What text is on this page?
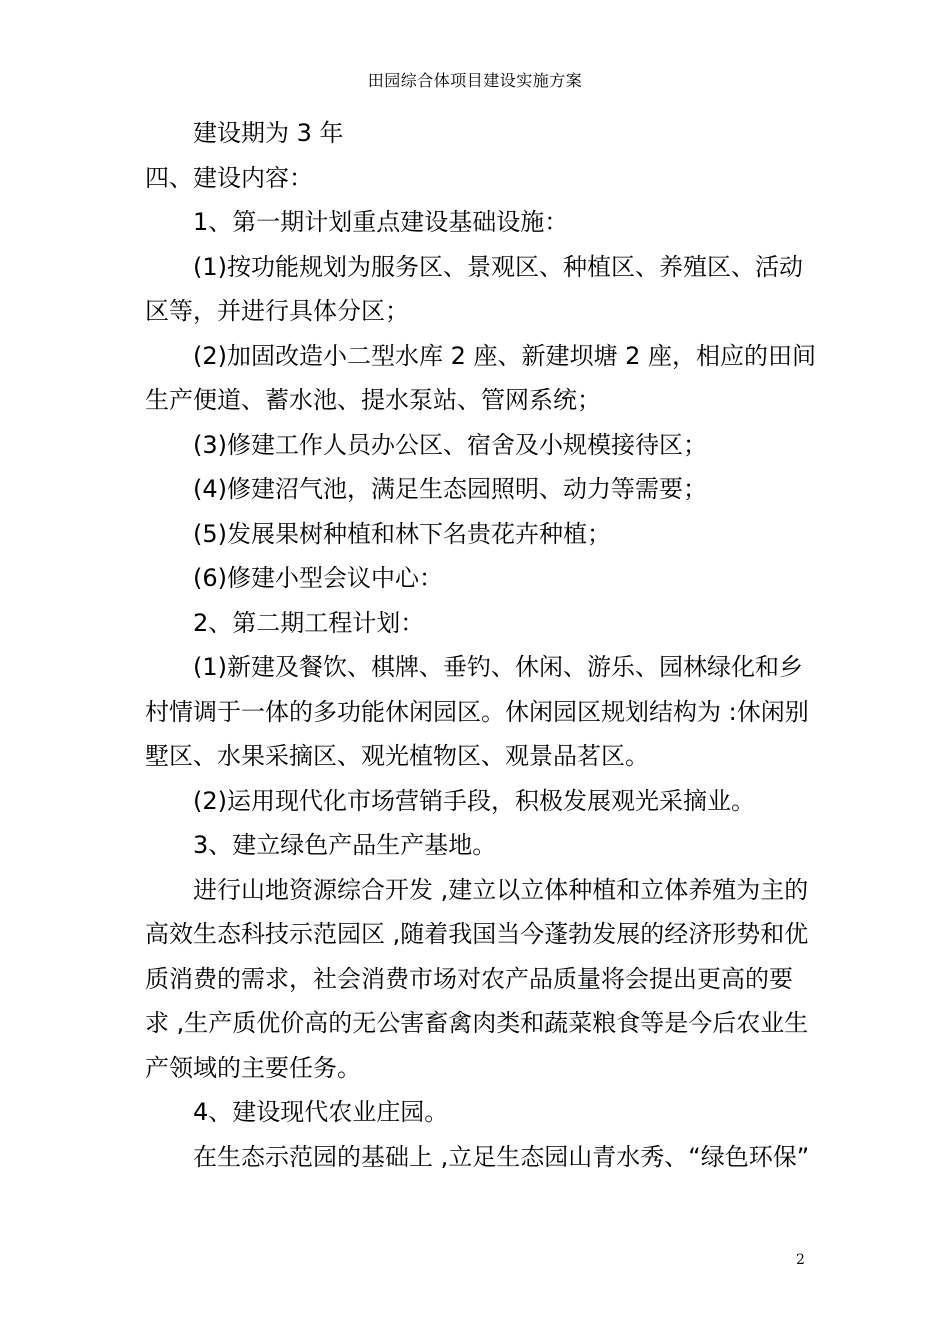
田园综合体项目建设实施方案
建设期为 3 年
四、建设内容：
1、第一期计划重点建设基础设施：
(1)按功能规划为服务区、景观区、种植区、养殖区、活动
区等，并进行具体分区；
(2)加固改造小二型水库 2 座、新建坝塘 2 座，相应的田间
生产便道、蓄水池、提水泵站、管网系统；
(3)修建工作人员办公区、宿舍及小规模接待区；
(4)修建沼气池，满足生态园照明、动力等需要；
(5)发展果树种植和林下名贵花卉种植；
(6)修建小型会议中心：
2、第二期工程计划：
(1)新建及餐饮、棋牌、垂钓、休闲、游乐、园林绿化和乡
村情调于一体的多功能休闲园区。休闲园区规划结构为 :休闲别
墅区、水果采摘区、观光植物区、观景品茗区。
(2)运用现代化市场营销手段，积极发展观光采摘业。
3、建立绿色产品生产基地。
进行山地资源综合开发 ,建立以立体种植和立体养殖为主的
高效生态科技示范园区 ,随着我国当今蓬勃发展的经济形势和优
质消费的需求，社会消费市场对农产品质量将会提出更高的要
求 ,生产质优价高的无公害畜禽肉类和蔬菜粮食等是今后农业生
产领域的主要任务。
4、建设现代农业庄园。
在生态示范园的基础上 ,立足生态园山青水秀、“绿色环保”
2
